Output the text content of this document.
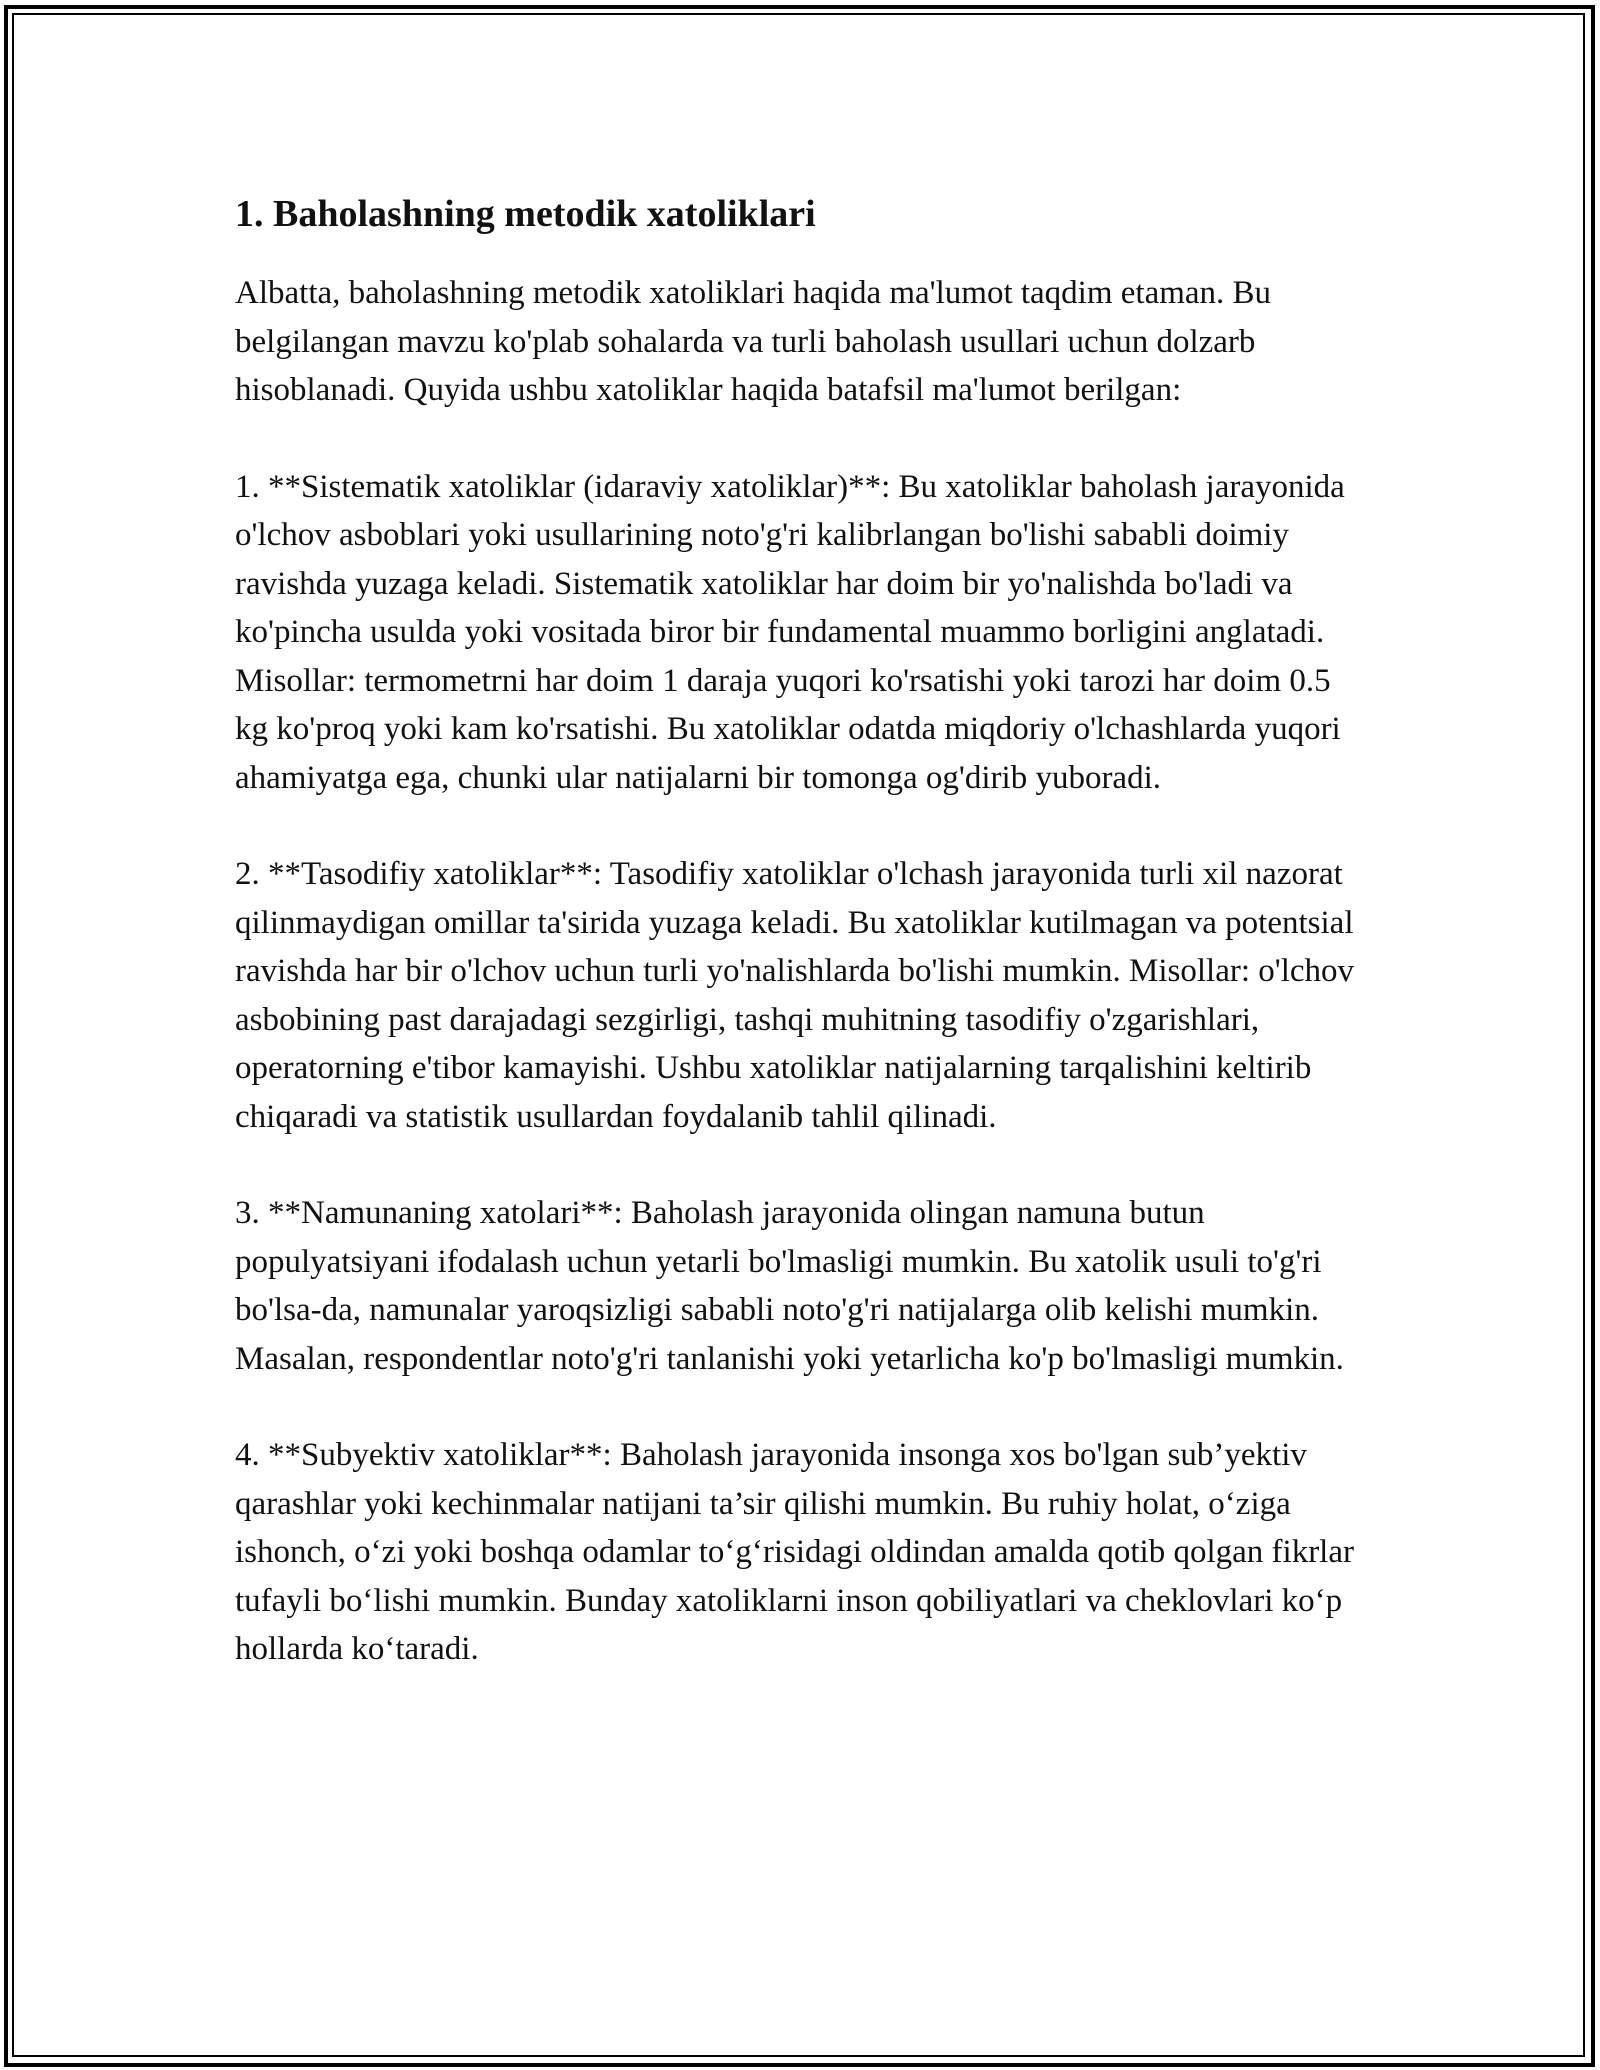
1. Baholashning metodik xatoliklari

Albatta, baholashning metodik xatoliklari haqida ma'lumot taqdim etaman. Bu belgilangan mavzu ko'plab sohalarda va turli baholash usullari uchun dolzarb hisoblanadi. Quyida ushbu xatoliklar haqida batafsil ma'lumot berilgan:

1. **Sistematik xatoliklar (idaraviy xatoliklar)**: Bu xatoliklar baholash jarayonida o'lchov asboblari yoki usullarining noto'g'ri kalibrlangan bo'lishi sababli doimiy ravishda yuzaga keladi. Sistematik xatoliklar har doim bir yo'nalishda bo'ladi va ko'pincha usulda yoki vositada biror bir fundamental muammo borligini anglatadi. Misollar: termometrni har doim 1 daraja yuqori ko'rsatishi yoki tarozi har doim 0.5 kg ko'proq yoki kam ko'rsatishi. Bu xatoliklar odatda miqdoriy o'lchashlarda yuqori ahamiyatga ega, chunki ular natijalarni bir tomonga og'dirib yuboradi.

2. **Tasodifiy xatoliklar**: Tasodifiy xatoliklar o'lchash jarayonida turli xil nazorat qilinmaydigan omillar ta'sirida yuzaga keladi. Bu xatoliklar kutilmagan va potentsial ravishda har bir o'lchov uchun turli yo'nalishlarda bo'lishi mumkin. Misollar: o'lchov asbobining past darajadagi sezgirligi, tashqi muhitning tasodifiy o'zgarishlari, operatorning e'tibor kamayishi. Ushbu xatoliklar natijalarning tarqalishini keltirib chiqaradi va statistik usullardan foydalanib tahlil qilinadi.

3. **Namunaning xatolari**: Baholash jarayonida olingan namuna butun populyatsiyani ifodalash uchun yetarli bo'lmasligi mumkin. Bu xatolik usuli to'g'ri bo'lsa-da, namunalar yaroqsizligi sababli noto'g'ri natijalarga olib kelishi mumkin. Masalan, respondentlar noto'g'ri tanlanishi yoki yetarlicha ko'p bo'lmasligi mumkin.

4. **Subyektiv xatoliklar**: Baholash jarayonida insonga xos bo'lgan sub’yektiv qarashlar yoki kechinmalar natijani ta’sir qilishi mumkin. Bu ruhiy holat, o‘ziga ishonch, o‘zi yoki boshqa odamlar to‘g‘risidagi oldindan amalda qotib qolgan fikrlar tufayli bo‘lishi mumkin. Bunday xatoliklarni inson qobiliyatlari va cheklovlari ko‘p hollarda ko‘taradi.
